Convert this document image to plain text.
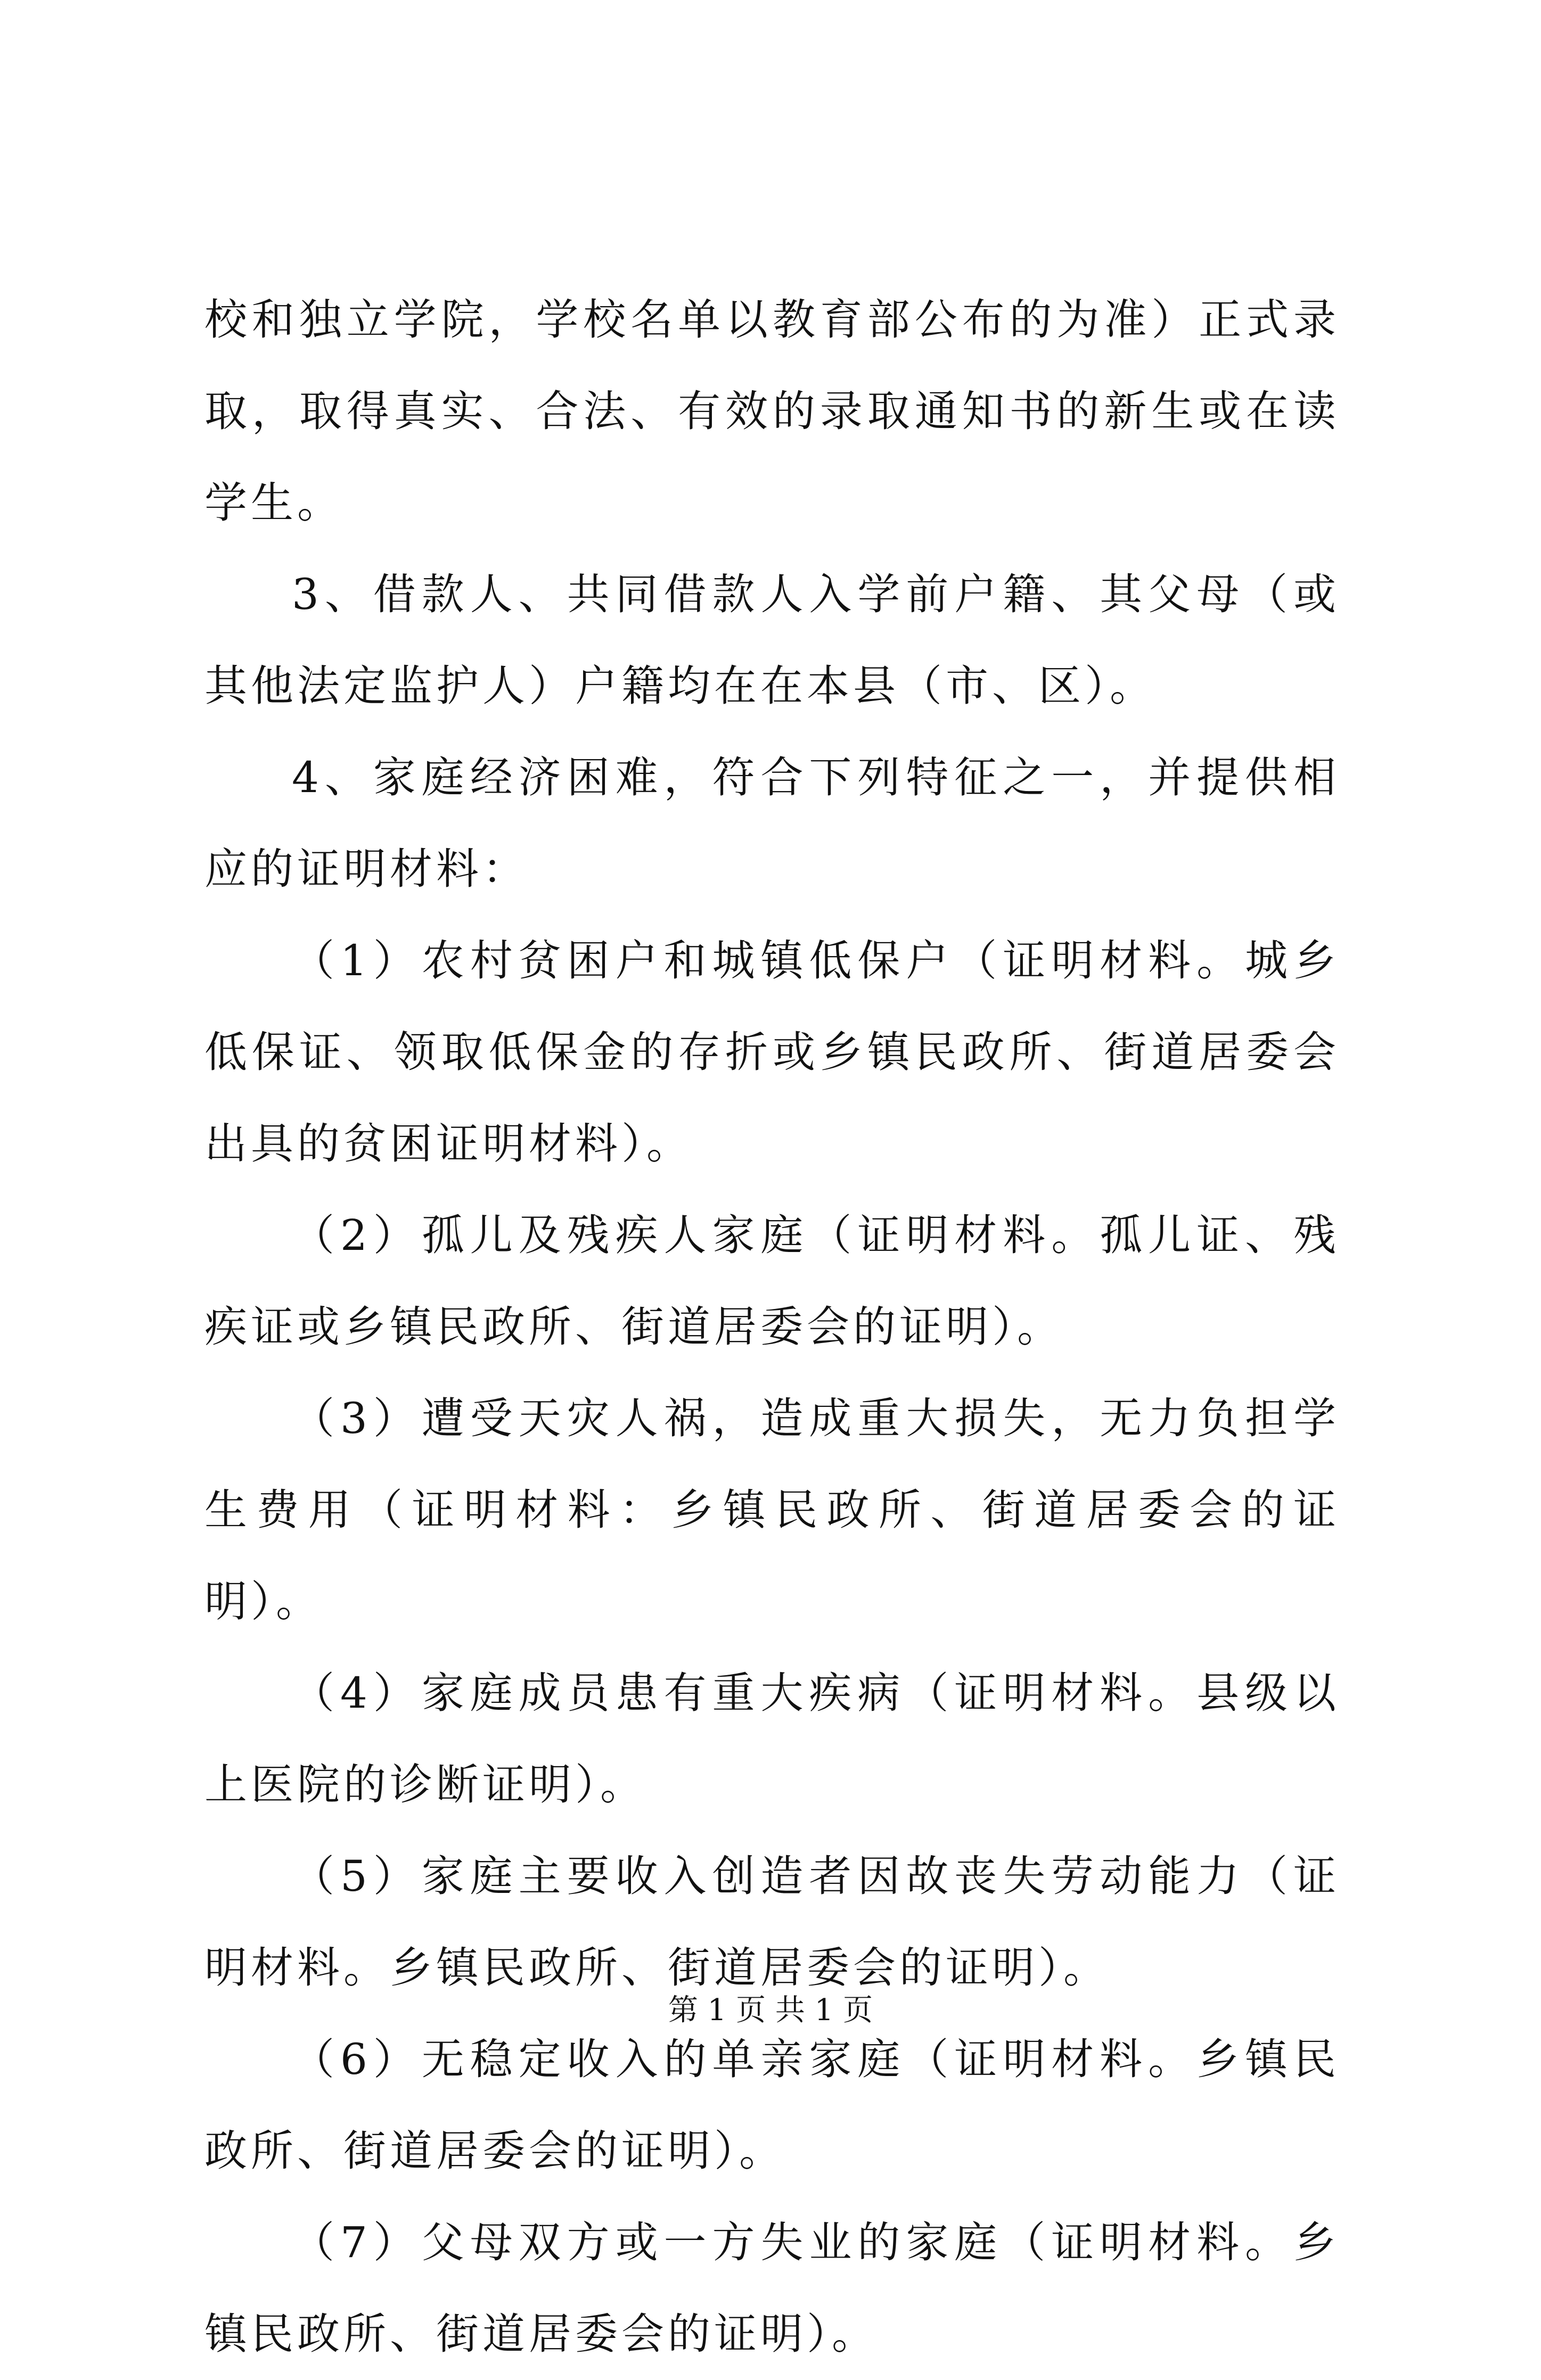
校和独立学院，学校名单以教育部公布的为准）正式录取，取得真实、合法、有效的录取通知书的新生或在读学生。

3、借款人、共同借款人入学前户籍、其父母（或其他法定监护人）户籍均在在本县（市、区）。

4、家庭经济困难，符合下列特征之一，并提供相应的证明材料：

（1）农村贫困户和城镇低保户（证明材料。城乡低保证、领取低保金的存折或乡镇民政所、街道居委会出具的贫困证明材料）。

（2）孤儿及残疾人家庭（证明材料。孤儿证、残疾证或乡镇民政所、街道居委会的证明）。

（3）遭受天灾人祸，造成重大损失，无力负担学生费用（证明材料：乡镇民政所、街道居委会的证明）。

（4）家庭成员患有重大疾病（证明材料。县级以上医院的诊断证明）。

（5）家庭主要收入创造者因故丧失劳动能力（证明材料。乡镇民政所、街道居委会的证明）。

（6）无稳定收入的单亲家庭（证明材料。乡镇民政所、街道居委会的证明）。

（7）父母双方或一方失业的家庭（证明材料。乡镇民政所、街道居委会的证明）。

第 1 页 共 1 页
